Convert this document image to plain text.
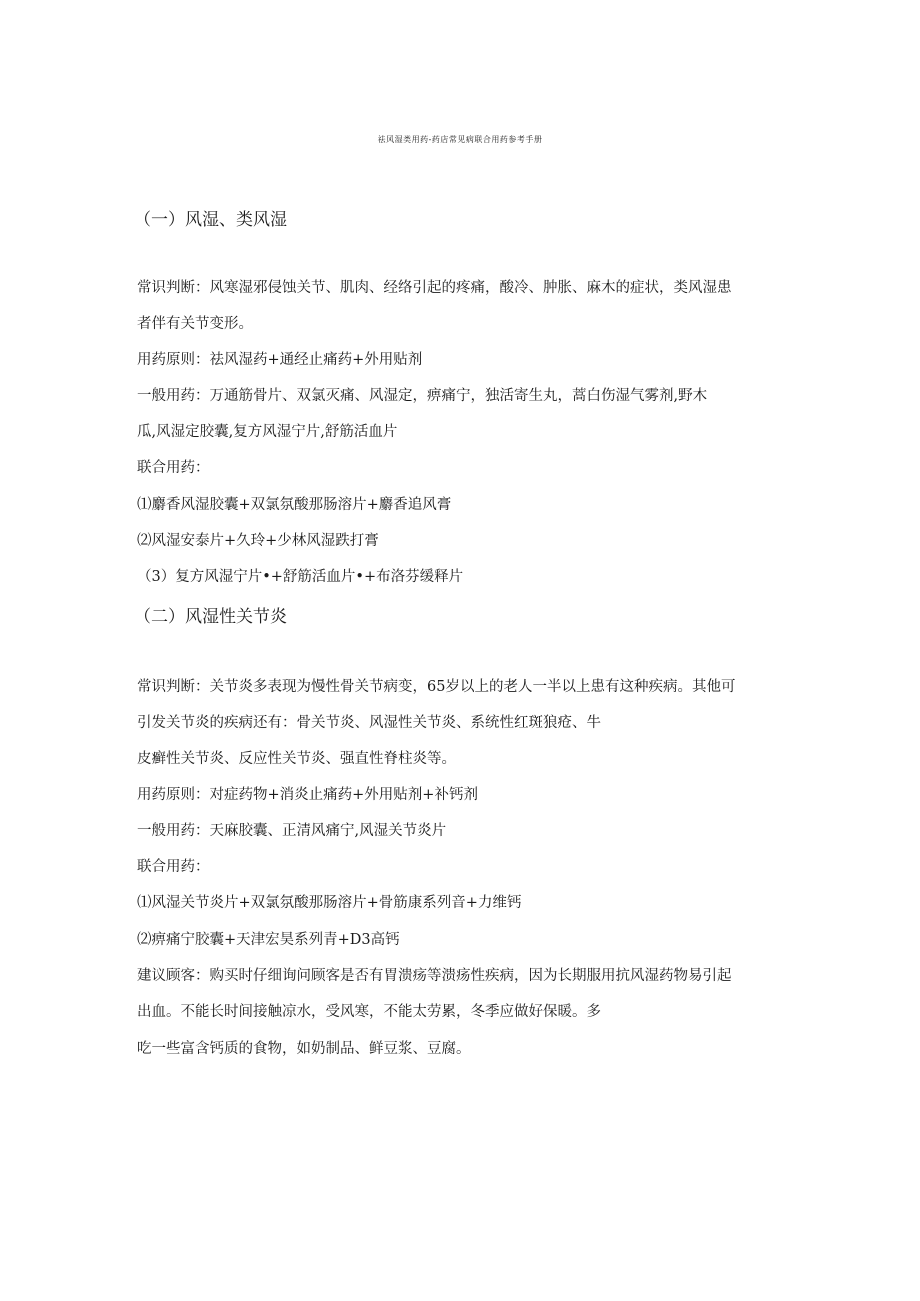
祛风湿类用药-药店常见病联合用药参考手册
（一）风湿、类风湿
常识判断：风寒湿邪侵蚀关节、肌肉、经络引起的疼痛，酸冷、肿胀、麻木的症状，类风湿患
者伴有关节变形。
用药原则：祛风湿药+通经止痛药+外用贴剂
一般用药：万通筋骨片、双氯灭痛、风湿定，痹痛宁，独活寄生丸，蒿白伤湿气雾剂,野木
瓜,风湿定胶囊,复方风湿宁片,舒筋活血片
联合用药：
⑴麝香风湿胶囊+双氯氛酸那肠溶片+麝香追风膏
⑵风湿安泰片+久玲+少林风湿跌打膏
（3）复方风湿宁片•+舒筋活血片•+布洛芬缓释片
（二）风湿性关节炎
常识判断：关节炎多表现为慢性骨关节病变，65岁以上的老人一半以上患有这种疾病。其他可
引发关节炎的疾病还有：骨关节炎、风湿性关节炎、系统性红斑狼疮、牛
皮癣性关节炎、反应性关节炎、强直性脊柱炎等。
用药原则：对症药物+消炎止痛药+外用贴剂+补钙剂
一般用药：天麻胶囊、正清风痛宁,风湿关节炎片
联合用药：
⑴风湿关节炎片+双氯氛酸那肠溶片+骨筋康系列音+力维钙
⑵痹痛宁胶囊+天津宏昊系列青+D3高钙
建议顾客：购买时仔细询问顾客是否有胃溃疡等溃疡性疾病，因为长期服用抗风湿药物易引起
出血。不能长时间接触凉水，受风寒，不能太劳累，冬季应做好保暖。多
吃一些富含钙质的食物，如奶制品、鲜豆浆、豆腐。
